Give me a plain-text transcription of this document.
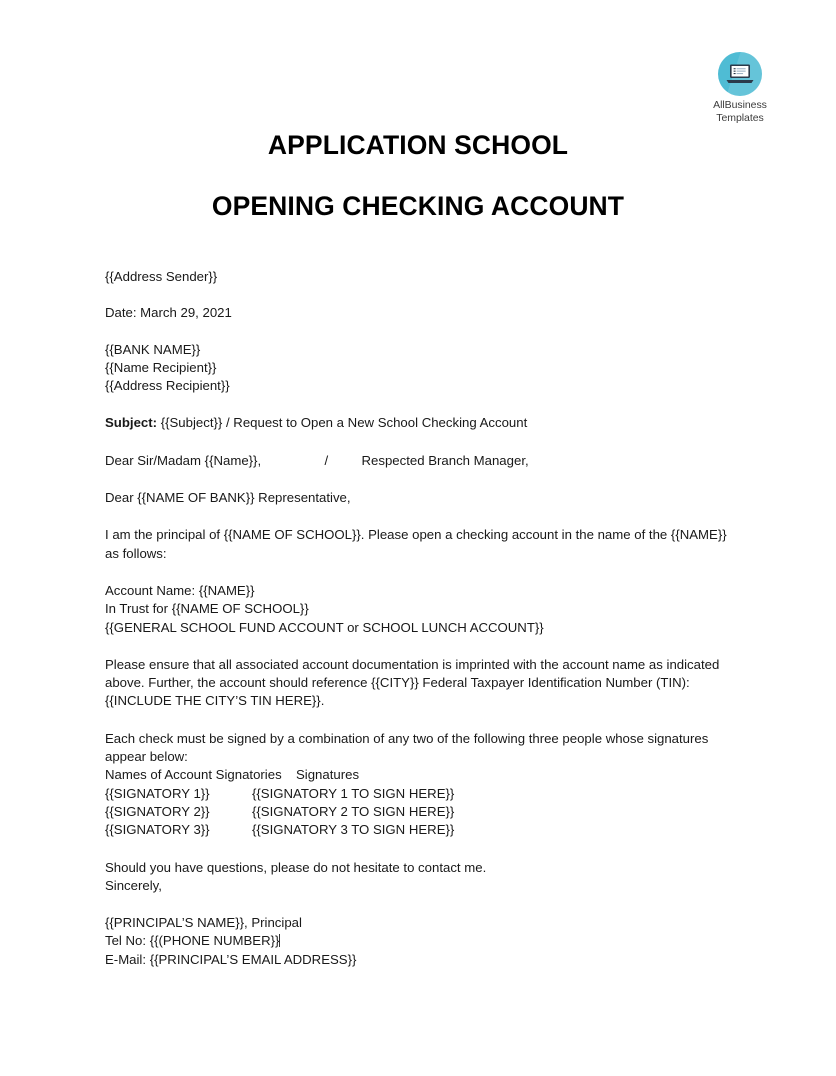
AllBusiness
Templates
APPLICATION SCHOOL
OPENING CHECKING ACCOUNT
{{Address Sender}}
Date: March 29, 2021
{{BANK NAME}}
{{Name Recipient}}
{{Address Recipient}}
Subject: {{Subject}} / Request to Open a New School Checking Account
Dear Sir/Madam {{Name}},	/	Respected Branch Manager,
Dear {{NAME OF BANK}} Representative,
I am the principal of {{NAME OF SCHOOL}}. Please open a checking account in the name of the {{NAME}} as follows:
Account Name: {{NAME}}
In Trust for {{NAME OF SCHOOL}}
{{GENERAL SCHOOL FUND ACCOUNT or SCHOOL LUNCH ACCOUNT}}
Please ensure that all associated account documentation is imprinted with the account name as indicated above. Further, the account should reference {{CITY}} Federal Taxpayer Identification Number (TIN): {{INCLUDE THE CITY’S TIN HERE}}.
Each check must be signed by a combination of any two of the following three people whose signatures appear below:
Names of Account Signatories Signatures
{{SIGNATORY 1}}	{{SIGNATORY 1 TO SIGN HERE}}
{{SIGNATORY 2}}	{{SIGNATORY 2 TO SIGN HERE}}
{{SIGNATORY 3}}	{{SIGNATORY 3 TO SIGN HERE}}
Should you have questions, please do not hesitate to contact me.
Sincerely,
{{PRINCIPAL’S NAME}}, Principal
Tel No: {{(PHONE NUMBER}}
E-Mail: {{PRINCIPAL’S EMAIL ADDRESS}}
